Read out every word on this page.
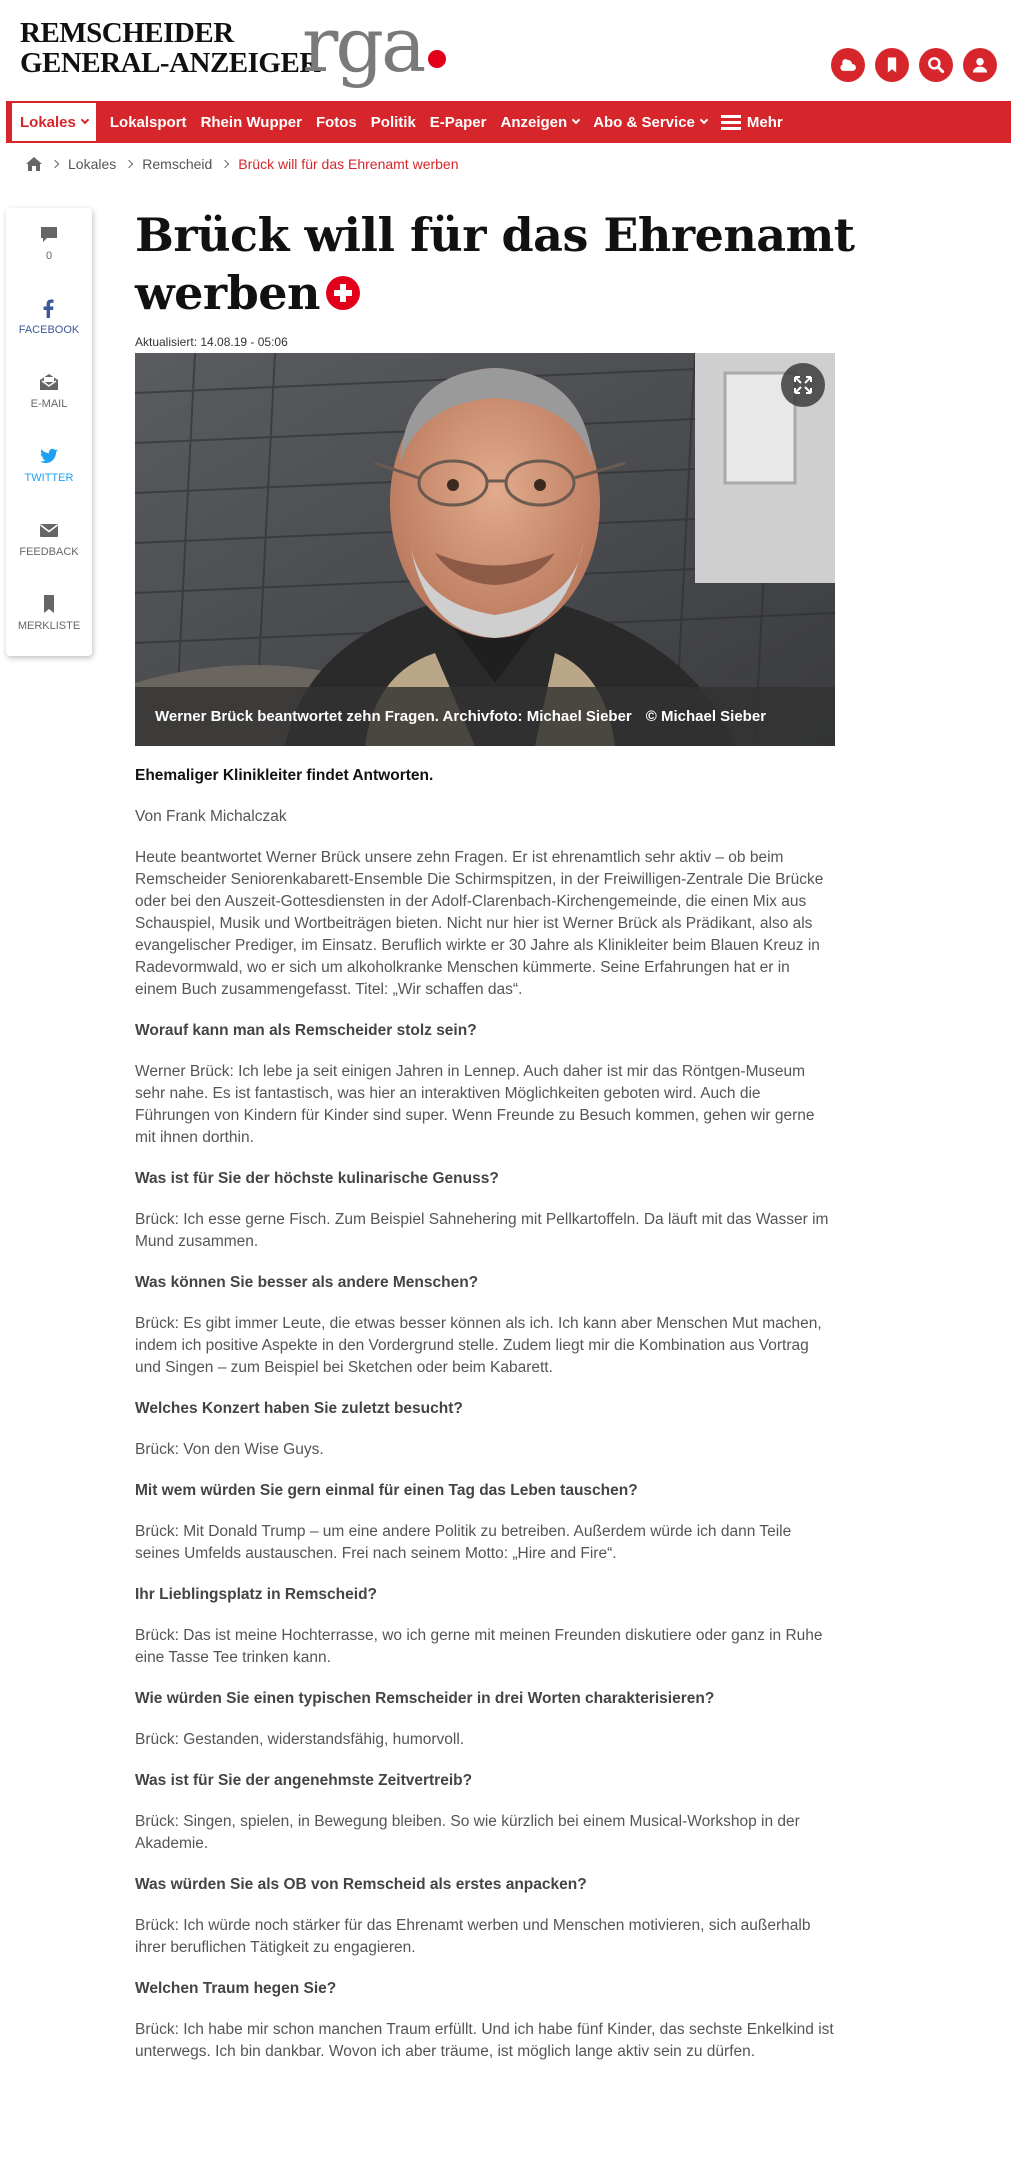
REMSCHEIDER
GENERAL-ANZEIGER
rga
Lokales Lokalsport Rhein Wupper Fotos Politik E-Paper Anzeigen Abo & Service	Mehr
Lokales Remscheid Brück will für das Ehrenamt werben
0
FACEBOOK
E-MAIL
TWITTER
FEEDBACK
MERKLISTE
Brück will für das Ehrenamt werben
Aktualisiert: 14.08.19 - 05:06
Werner Brück beantwortet zehn Fragen. Archivfoto: Michael Sieber © Michael Sieber

Ehemaliger Klinikleiter findet Antworten.

Von Frank Michalczak

Heute beantwortet Werner Brück unsere zehn Fragen. Er ist ehrenamtlich sehr aktiv – ob beim Remscheider Seniorenkabarett-Ensemble Die Schirmspitzen, in der Freiwilligen-Zentrale Die Brücke oder bei den Auszeit-Gottesdiensten in der Adolf-Clarenbach-Kirchengemeinde, die einen Mix aus Schauspiel, Musik und Wortbeiträgen bieten. Nicht nur hier ist Werner Brück als Prädikant, also als evangelischer Prediger, im Einsatz. Beruflich wirkte er 30 Jahre als Klinikleiter beim Blauen Kreuz in Radevormwald, wo er sich um alkoholkranke Menschen kümmerte. Seine Erfahrungen hat er in einem Buch zusammengefasst. Titel: „Wir schaffen das“.

Worauf kann man als Remscheider stolz sein?

Werner Brück: Ich lebe ja seit einigen Jahren in Lennep. Auch daher ist mir das Röntgen-Museum sehr nahe. Es ist fantastisch, was hier an interaktiven Möglichkeiten geboten wird. Auch die Führungen von Kindern für Kinder sind super. Wenn Freunde zu Besuch kommen, gehen wir gerne mit ihnen dorthin.

Was ist für Sie der höchste kulinarische Genuss?

Brück: Ich esse gerne Fisch. Zum Beispiel Sahnehering mit Pellkartoffeln. Da läuft mit das Wasser im Mund zusammen.

Was können Sie besser als andere Menschen?

Brück: Es gibt immer Leute, die etwas besser können als ich. Ich kann aber Menschen Mut machen, indem ich positive Aspekte in den Vordergrund stelle. Zudem liegt mir die Kombination aus Vortrag und Singen – zum Beispiel bei Sketchen oder beim Kabarett.

Welches Konzert haben Sie zuletzt besucht?

Brück: Von den Wise Guys.

Mit wem würden Sie gern einmal für einen Tag das Leben tauschen?

Brück: Mit Donald Trump – um eine andere Politik zu betreiben. Außerdem würde ich dann Teile seines Umfelds austauschen. Frei nach seinem Motto: „Hire and Fire“.

Ihr Lieblingsplatz in Remscheid?

Brück: Das ist meine Hochterrasse, wo ich gerne mit meinen Freunden diskutiere oder ganz in Ruhe eine Tasse Tee trinken kann.

Wie würden Sie einen typischen Remscheider in drei Worten charakterisieren?

Brück: Gestanden, widerstandsfähig, humorvoll.

Was ist für Sie der angenehmste Zeitvertreib?

Brück: Singen, spielen, in Bewegung bleiben. So wie kürzlich bei einem Musical-Workshop in der Akademie.

Was würden Sie als OB von Remscheid als erstes anpacken?

Brück: Ich würde noch stärker für das Ehrenamt werben und Menschen motivieren, sich außerhalb ihrer beruflichen Tätigkeit zu engagieren.

Welchen Traum hegen Sie?

Brück: Ich habe mir schon manchen Traum erfüllt. Und ich habe fünf Kinder, das sechste Enkelkind ist unterwegs. Ich bin dankbar. Wovon ich aber träume, ist möglich lange aktiv sein zu dürfen.
